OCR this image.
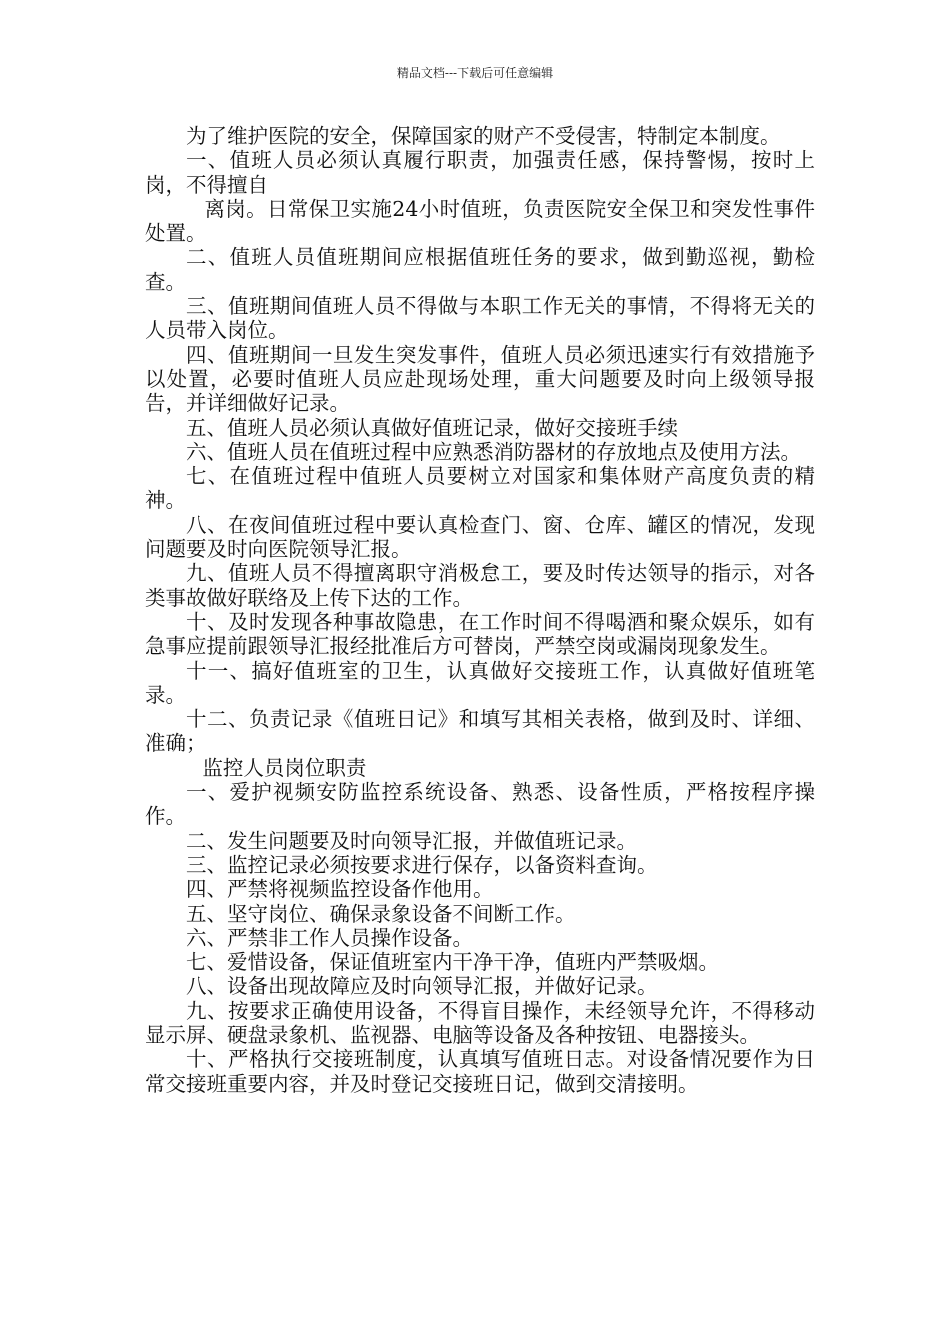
精品文档---下载后可任意编辑

为了维护医院的安全，保障国家的财产不受侵害，特制定本制度。

一、值班人员必须认真履行职责，加强责任感，保持警惕，按时上岗，不得擅自

离岗。日常保卫实施24小时值班，负责医院安全保卫和突发性事件处置。

二、值班人员值班期间应根据值班任务的要求，做到勤巡视，勤检查。

三、值班期间值班人员不得做与本职工作无关的事情，不得将无关的人员带入岗位。

四、值班期间一旦发生突发事件，值班人员必须迅速实行有效措施予以处置，必要时值班人员应赴现场处理，重大问题要及时向上级领导报告，并详细做好记录。

五、值班人员必须认真做好值班记录，做好交接班手续

六、值班人员在值班过程中应熟悉消防器材的存放地点及使用方法。

七、在值班过程中值班人员要树立对国家和集体财产高度负责的精神。

八、在夜间值班过程中要认真检查门、窗、仓库、罐区的情况，发现问题要及时向医院领导汇报。

九、值班人员不得擅离职守消极怠工，要及时传达领导的指示，对各类事故做好联络及上传下达的工作。

十、及时发现各种事故隐患，在工作时间不得喝酒和聚众娱乐，如有急事应提前跟领导汇报经批准后方可替岗，严禁空岗或漏岗现象发生。

十一、搞好值班室的卫生，认真做好交接班工作，认真做好值班笔录。

十二、负责记录《值班日记》和填写其相关表格，做到及时、详细、准确；

监控人员岗位职责

一、爱护视频安防监控系统设备、熟悉、设备性质，严格按程序操作。

二、发生问题要及时向领导汇报，并做值班记录。

三、监控记录必须按要求进行保存，以备资料查询。

四、严禁将视频监控设备作他用。

五、坚守岗位、确保录象设备不间断工作。

六、严禁非工作人员操作设备。

七、爱惜设备，保证值班室内干净干净，值班内严禁吸烟。

八、设备出现故障应及时向领导汇报，并做好记录。

九、按要求正确使用设备，不得盲目操作，未经领导允许，不得移动显示屏、硬盘录象机、监视器、电脑等设备及各种按钮、电器接头。

十、严格执行交接班制度，认真填写值班日志。对设备情况要作为日常交接班重要内容，并及时登记交接班日记，做到交清接明。
